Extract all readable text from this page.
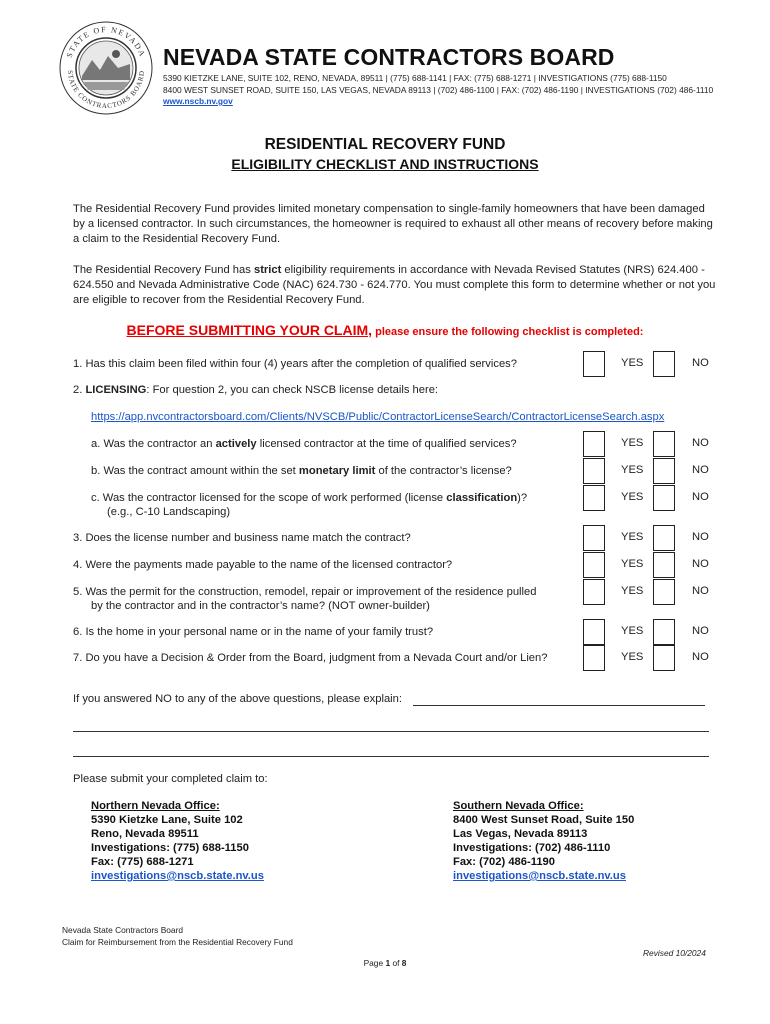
STATE OF NEVADA
STATE CONTRACTORS BOARD
NEVADA STATE CONTRACTORS BOARD
5390 KIETZKE LANE, SUITE 102, RENO, NEVADA, 89511 | (775) 688-1141 | FAX: (775) 688-1271 | INVESTIGATIONS (775) 688-1150
8400 WEST SUNSET ROAD, SUITE 150, LAS VEGAS, NEVADA 89113 | (702) 486-1100 | FAX: (702) 486-1190 | INVESTIGATIONS (702) 486-1110
www.nscb.nv.gov
RESIDENTIAL RECOVERY FUND
ELIGIBILITY CHECKLIST AND INSTRUCTIONS

The Residential Recovery Fund provides limited monetary compensation to single-family homeowners that have been damaged by a licensed contractor. In such circumstances, the homeowner is required to exhaust all other means of recovery before making a claim to the Residential Recovery Fund.

The Residential Recovery Fund has strict eligibility requirements in accordance with Nevada Revised Statutes (NRS) 624.400 - 624.550 and Nevada Administrative Code (NAC) 624.730 - 624.770. You must complete this form to determine whether or not you are eligible to recover from the Residential Recovery Fund.

BEFORE SUBMITTING YOUR CLAIM, please ensure the following checklist is completed:
1. Has this claim been filed within four (4) years after the completion of qualified services?	YES	NO
2. LICENSING: For question 2, you can check NSCB license details here:
https://app.nvcontractorsboard.com/Clients/NVSCB/Public/ContractorLicenseSearch/ContractorLicenseSearch.aspx
a. Was the contractor an actively licensed contractor at the time of qualified services?	YES	NO
b. Was the contract amount within the set monetary limit of the contractor’s license?	YES	NO
c. Was the contractor licensed for the scope of work performed (license classification)?
(e.g., C-10 Landscaping)
YES	NO
3. Does the license number and business name match the contract?	YES	NO
4. Were the payments made payable to the name of the licensed contractor?	YES	NO
5. Was the permit for the construction, remodel, repair or improvement of the residence pulled
by the contractor and in the contractor’s name? (NOT owner-builder)
YES	NO
6. Is the home in your personal name or in the name of your family trust?	YES	NO
7. Do you have a Decision & Order from the Board, judgment from a Nevada Court and/or Lien?	YES	NO
If you answered NO to any of the above questions, please explain:
Please submit your completed claim to:
Northern Nevada Office:
5390 Kietzke Lane, Suite 102
Reno, Nevada 89511
Investigations: (775) 688-1150
Fax: (775) 688-1271
investigations@nscb.state.nv.us
Southern Nevada Office:
8400 West Sunset Road, Suite 150
Las Vegas, Nevada 89113
Investigations: (702) 486-1110
Fax: (702) 486-1190
investigations@nscb.state.nv.us
Nevada State Contractors Board
Claim for Reimbursement from the Residential Recovery Fund
Revised 10/2024
Page 1 of 8
